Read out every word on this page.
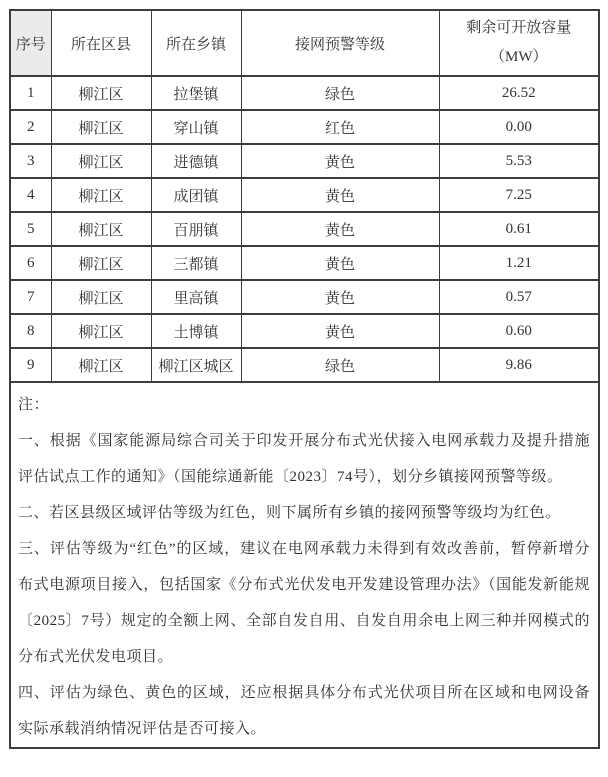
序号	所在区县	所在乡镇	接网预警等级	剩余可开放容量
（MW）

1	柳江区	拉堡镇	绿色	26.52
2	柳江区	穿山镇	红色	0.00
3	柳江区	进德镇	黄色	5.53
4	柳江区	成团镇	黄色	7.25
5	柳江区	百朋镇	黄色	0.61
6	柳江区	三都镇	黄色	1.21
7	柳江区	里高镇	黄色	0.57
8	柳江区	土博镇	黄色	0.60
9	柳江区	柳江区城区	绿色	9.86

注：

一、根据《国家能源局综合司关于印发开展分布式光伏接入电网承载力及提升措施评估试点工作的通知》（国能综通新能〔2023〕74号），划分乡镇接网预警等级。

二、若区县级区域评估等级为红色，则下属所有乡镇的接网预警等级均为红色。

三、评估等级为“红色”的区域，建议在电网承载力未得到有效改善前，暂停新增分布式电源项目接入，包括国家《分布式光伏发电开发建设管理办法》（国能发新能规〔2025〕7号）规定的全额上网、全部自发自用、自发自用余电上网三种并网模式的分布式光伏发电项目。

四、评估为绿色、黄色的区域，还应根据具体分布式光伏项目所在区域和电网设备实际承载消纳情况评估是否可接入。				
